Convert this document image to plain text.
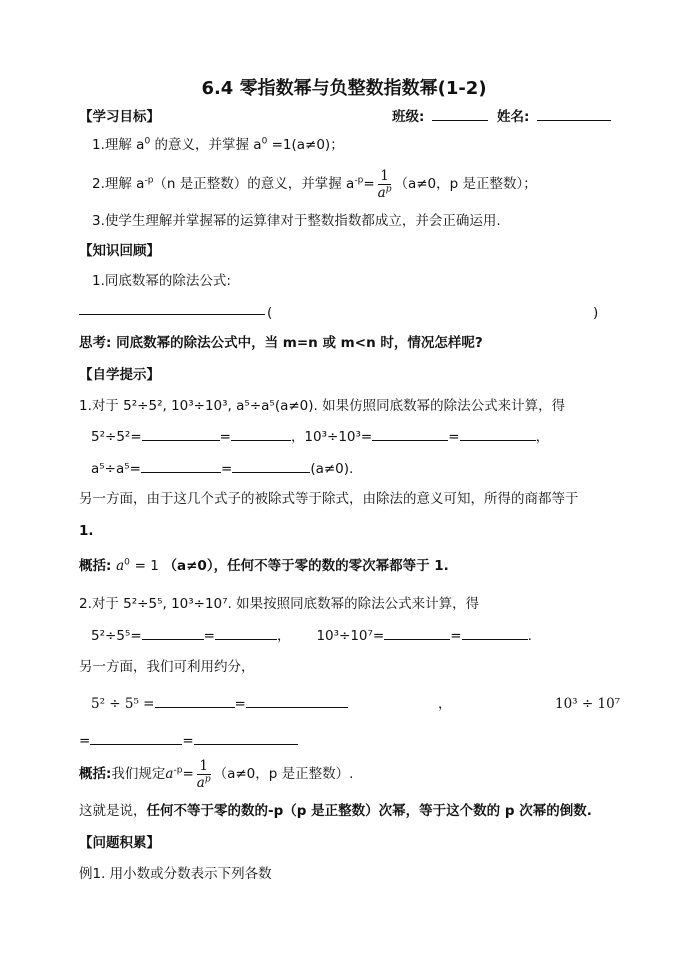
6.4 零指数幂与负整数指数幂(1-2)
【学习目标】	班级:	姓名:
1.理解 $a^0$ 的意义，并掌握 $a^0 =1(a\ne 0)$；
2.理解 $a^{-p}(n$ 是正整数）的意义，并掌握 $a^{-p}= \frac{1}{a^p} (a\ne 0$，p 是正整数）；
3.使学生理解并掌握幂的运算律对于整数指数都成立，并会正确运用.
【知识回顾】
1.同底数幂的除法公式:
(	)
思考: 同底数幂的除法公式中，当 m=n 或 m<n 时，情况怎样呢?
【自学提示】
1.对于 5²÷5², 10³÷10³, a⁵÷a⁵(a≠0). 如果仿照同底数幂的除法公式来计算，得
5²÷5²=	=	，10³÷10³=	=	，
a⁵÷a⁵=	=	(a≠0).
另一方面，由于这几个式子的被除式等于除式，由除法的意义可知，所得的商都等于
1.
概括: $a^0 = 1$ （a≠0），任何不等于零的数的零次幂都等于 1.
2.对于 5²÷5⁵, 10³÷10⁷. 如果按照同底数幂的除法公式来计算，得
5²÷5⁵=	=	， 10³÷10⁷=	=	.
另一方面，我们可利用约分，
5² ÷ 5⁵ =	=	，	10³ ÷ 10⁷
=	=
概括:我们规定$a^{-p}= \frac{1}{a^p} (a\ne 0$，p 是正整数）.
这就是说，任何不等于零的数的-p（p 是正整数）次幂，等于这个数的 p 次幂的倒数.
【问题积累】
例1. 用小数或分数表示下列各数
